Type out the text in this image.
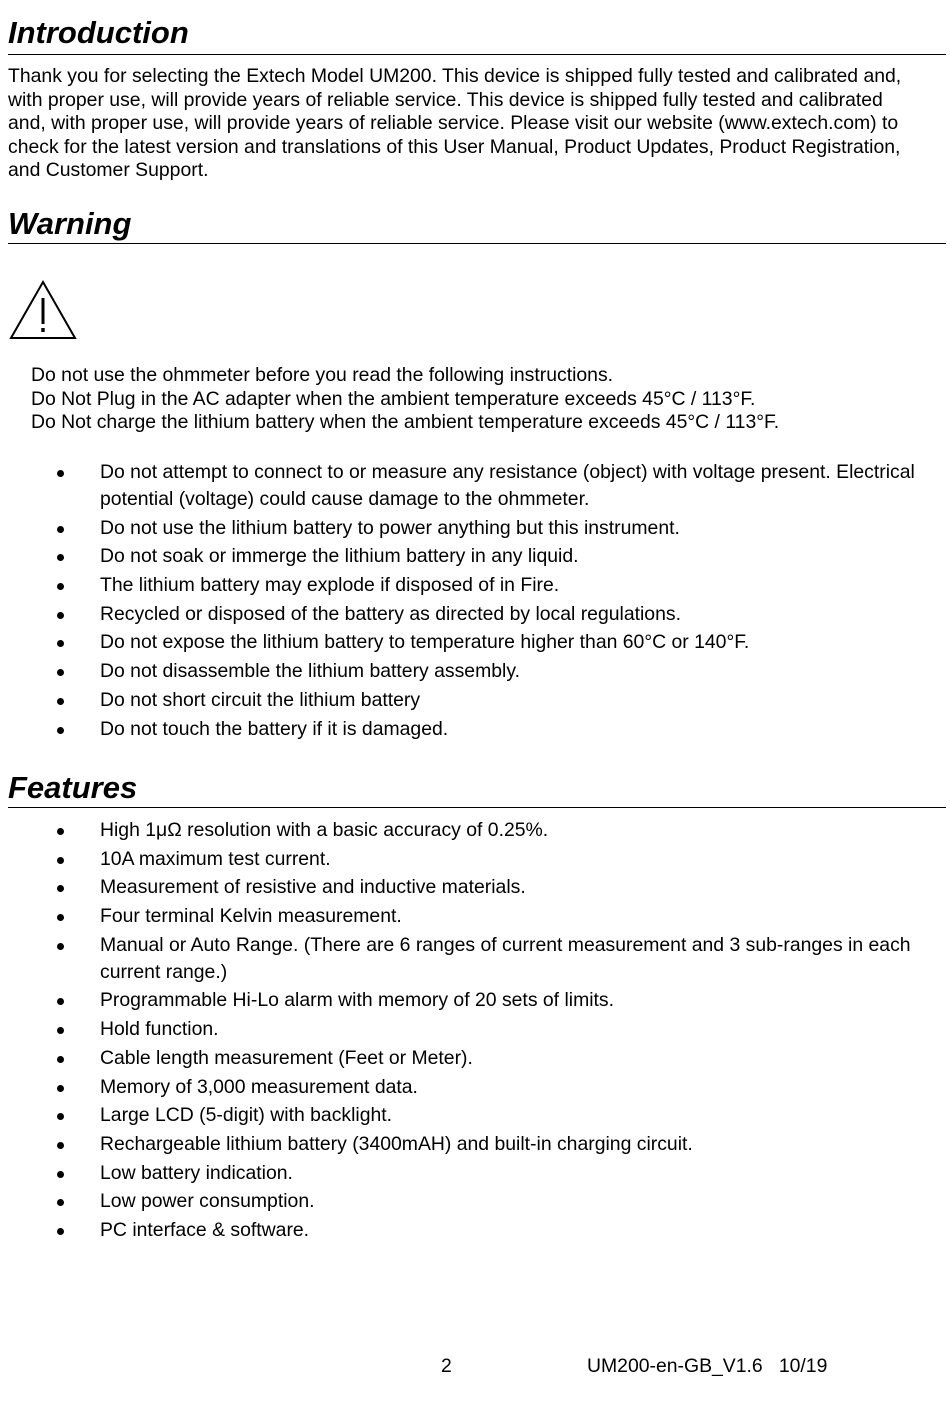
Introduction

Thank you for selecting the Extech Model UM200. This device is shipped fully tested and calibrated and, with proper use, will provide years of reliable service. This device is shipped fully tested and calibrated and, with proper use, will provide years of reliable service. Please visit our website (www.extech.com) to check for the latest version and translations of this User Manual, Product Updates, Product Registration, and Customer Support.

Warning
Do not use the ohmmeter before you read the following instructions.
Do Not Plug in the AC adapter when the ambient temperature exceeds 45°C / 113°F.
Do Not charge the lithium battery when the ambient temperature exceeds 45°C / 113°F.
Do not attempt to connect to or measure any resistance (object) with voltage present. Electrical potential (voltage) could cause damage to the ohmmeter.
Do not use the lithium battery to power anything but this instrument.
Do not soak or immerge the lithium battery in any liquid.
The lithium battery may explode if disposed of in Fire.
Recycled or disposed of the battery as directed by local regulations.
Do not expose the lithium battery to temperature higher than 60°C or 140°F.
Do not disassemble the lithium battery assembly.
Do not short circuit the lithium battery
Do not touch the battery if it is damaged.
Features
High 1μΩ resolution with a basic accuracy of 0.25%.
10A maximum test current.
Measurement of resistive and inductive materials.
Four terminal Kelvin measurement.
Manual or Auto Range. (There are 6 ranges of current measurement and 3 sub-ranges in each current range.)
Programmable Hi-Lo alarm with memory of 20 sets of limits.
Hold function.
Cable length measurement (Feet or Meter).
Memory of 3,000 measurement data.
Large LCD (5-digit) with backlight.
Rechargeable lithium battery (3400mAH) and built-in charging circuit.
Low battery indication.
Low power consumption.
PC interface & software.
2	UM200-en-GB_V1.6   10/19
